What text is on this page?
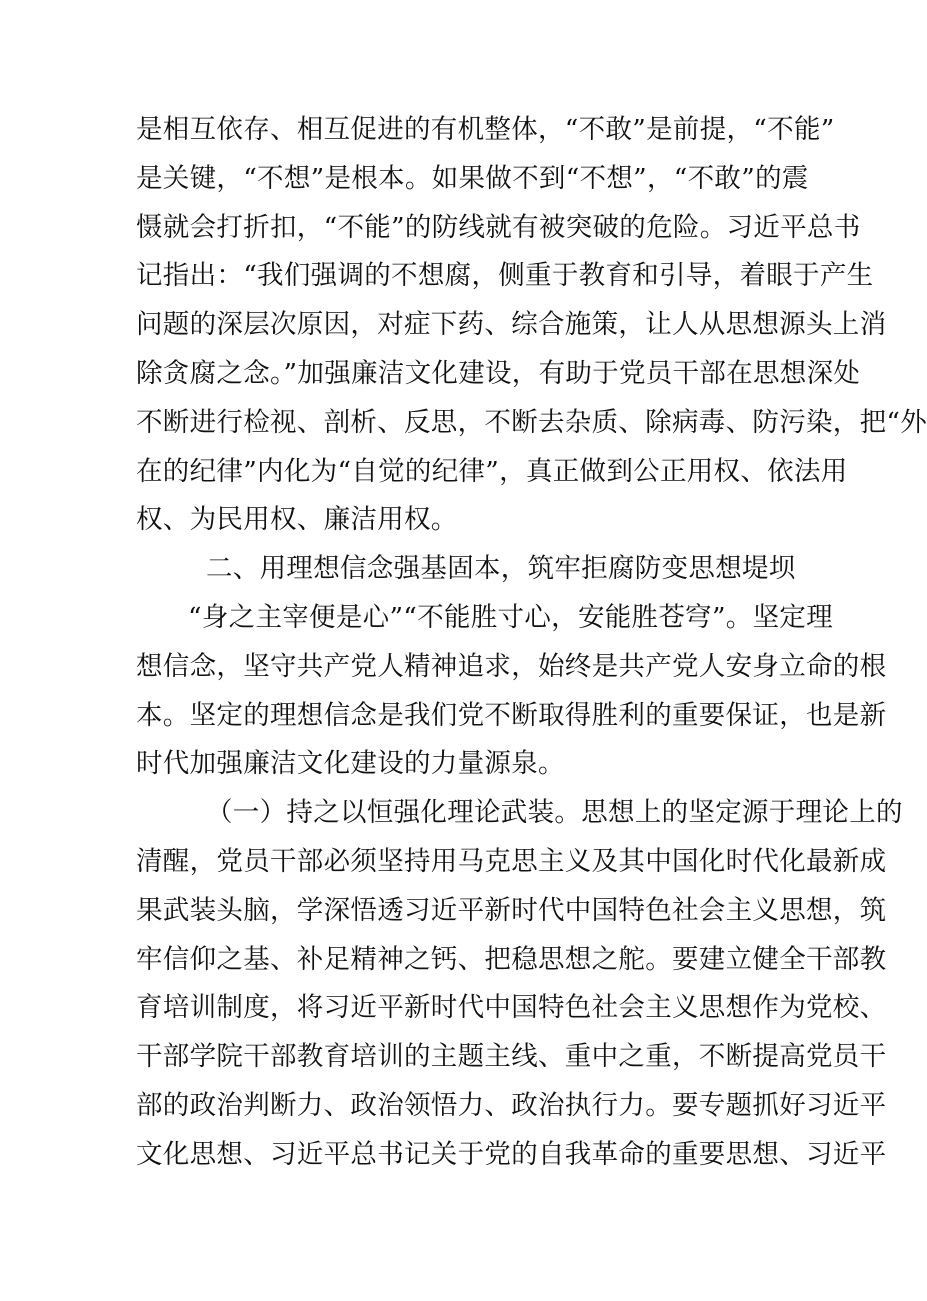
是相互依存、相互促进的有机整体，“不敢”是前提，“不能”
是关键，“不想”是根本。如果做不到“不想”，“不敢”的震
慑就会打折扣，“不能”的防线就有被突破的危险。习近平总书
记指出：“我们强调的不想腐，侧重于教育和引导，着眼于产生
问题的深层次原因，对症下药、综合施策，让人从思想源头上消
除贪腐之念。”加强廉洁文化建设，有助于党员干部在思想深处
不断进行检视、剖析、反思，不断去杂质、除病毒、防污染，把“外
在的纪律”内化为“自觉的纪律”，真正做到公正用权、依法用
权、为民用权、廉洁用权。
二、用理想信念强基固本，筑牢拒腐防变思想堤坝
“身之主宰便是心”“不能胜寸心，安能胜苍穹”。坚定理
想信念，坚守共产党人精神追求，始终是共产党人安身立命的根
本。坚定的理想信念是我们党不断取得胜利的重要保证，也是新
时代加强廉洁文化建设的力量源泉。
（一）持之以恒强化理论武装。思想上的坚定源于理论上的
清醒，党员干部必须坚持用马克思主义及其中国化时代化最新成
果武装头脑，学深悟透习近平新时代中国特色社会主义思想，筑
牢信仰之基、补足精神之钙、把稳思想之舵。要建立健全干部教
育培训制度，将习近平新时代中国特色社会主义思想作为党校、
干部学院干部教育培训的主题主线、重中之重，不断提高党员干
部的政治判断力、政治领悟力、政治执行力。要专题抓好习近平
文化思想、习近平总书记关于党的自我革命的重要思想、习近平
